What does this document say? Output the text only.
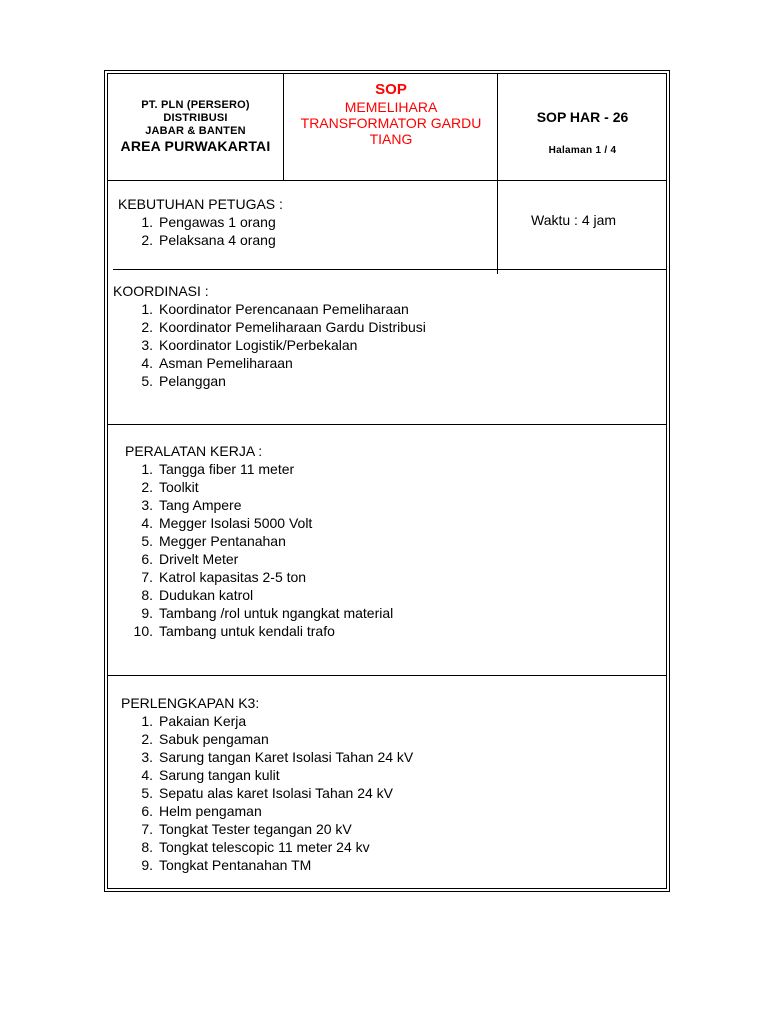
PT. PLN (PERSERO)
DISTRIBUSI
JABAR & BANTEN
AREA PURWAKARTAI
SOP
MEMELIHARA
TRANSFORMATOR GARDU
TIANG
SOP HAR - 26
Halaman 1 / 4
KEBUTUHAN PETUGAS :
1. Pengawas 1 orang
2. Pelaksana 4 orang
Waktu : 4 jam
KOORDINASI :
1. Koordinator Perencanaan Pemeliharaan
2. Koordinator Pemeliharaan Gardu Distribusi
3. Koordinator Logistik/Perbekalan
4. Asman Pemeliharaan
5. Pelanggan
PERALATAN KERJA :
1. Tangga fiber 11 meter
2. Toolkit
3. Tang Ampere
4. Megger Isolasi 5000 Volt
5. Megger Pentanahan
6. Drivelt Meter
7. Katrol kapasitas 2-5 ton
8. Dudukan katrol
9. Tambang /rol untuk ngangkat material
10. Tambang untuk kendali trafo
PERLENGKAPAN K3:
1. Pakaian Kerja
2. Sabuk pengaman
3. Sarung tangan Karet Isolasi Tahan 24 kV
4. Sarung tangan kulit
5. Sepatu alas karet Isolasi Tahan 24 kV
6. Helm pengaman
7. Tongkat Tester tegangan 20 kV
8. Tongkat telescopic 11 meter 24 kv
9. Tongkat Pentanahan TM
